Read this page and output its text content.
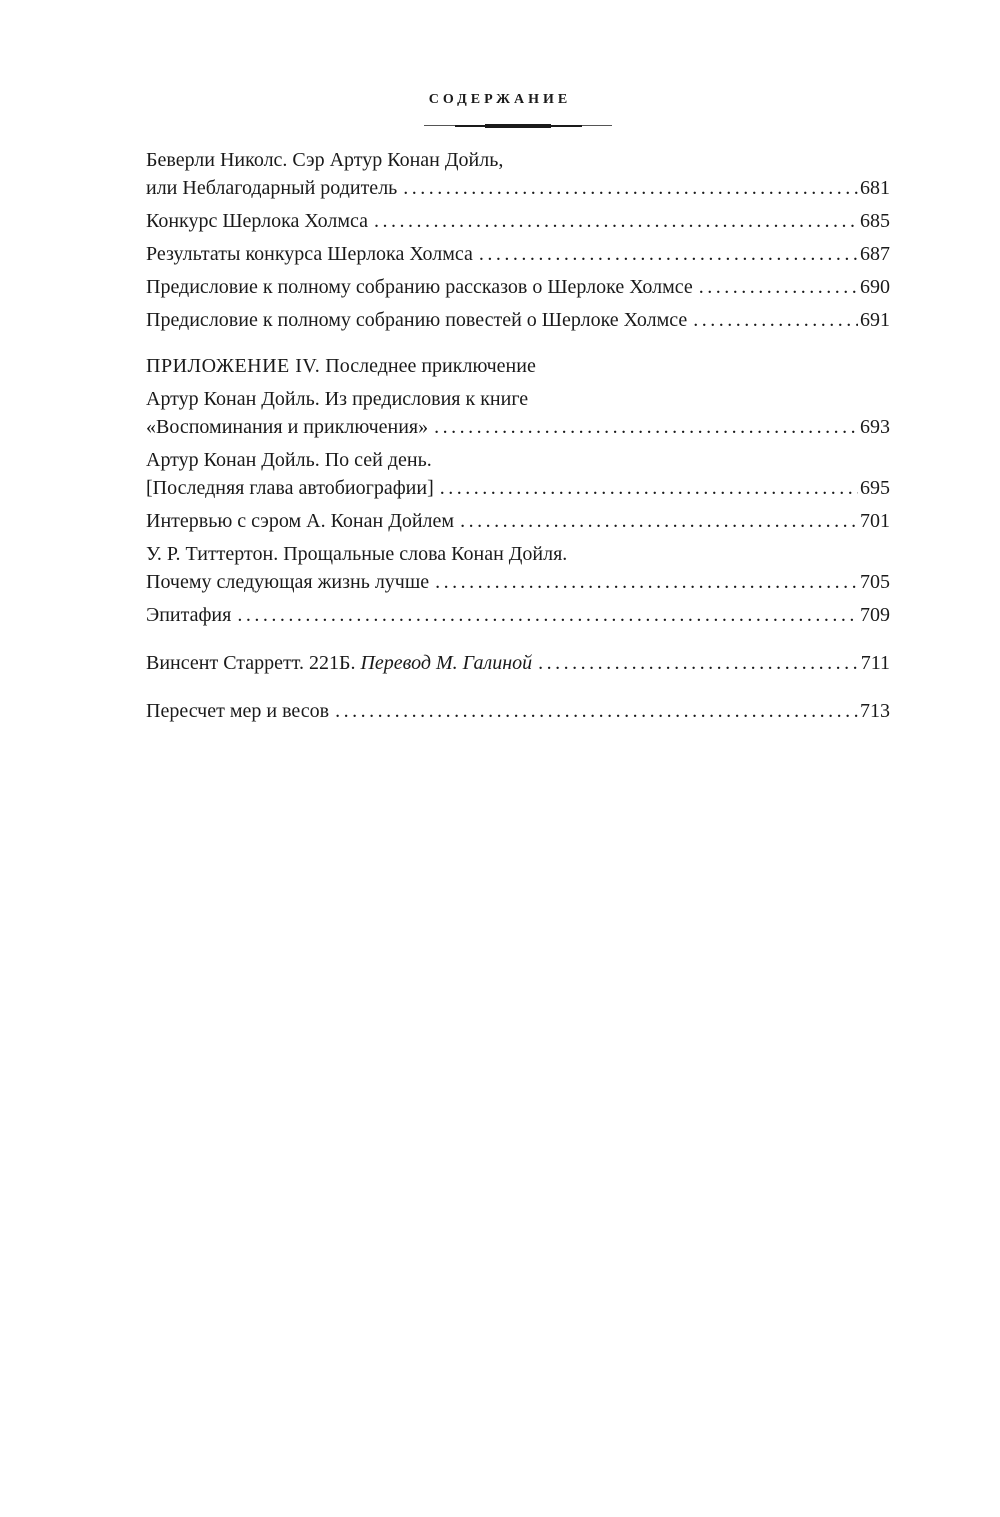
СОДЕРЖАНИЕ
Беверли Николс. Сэр Артур Конан Дойль,
или Неблагодарный родитель . . .	681
Конкурс Шерлока Холмса . . .	685
Результаты конкурса Шерлока Холмса . . .	687
Предисловие к полному собранию рассказов о Шерлоке Холмсе . . .	690
Предисловие к полному собранию повестей о Шерлоке Холмсе . . .	691
ПРИЛОЖЕНИЕ IV. Последнее приключение
Артур Конан Дойль. Из предисловия к книге
«Воспоминания и приключения» . . .	693
Артур Конан Дойль. По сей день.
[Последняя глава автобиографии] . . .	695
Интервью с сэром А. Конан Дойлем . . .	701
У. Р. Титтертон. Прощальные слова Конан Дойля.
Почему следующая жизнь лучше . . .	705
Эпитафия . . .	709
Винсент Старретт. 221Б. Перевод М. Галиной . . .	711
Пересчет мер и весов . . .	713
